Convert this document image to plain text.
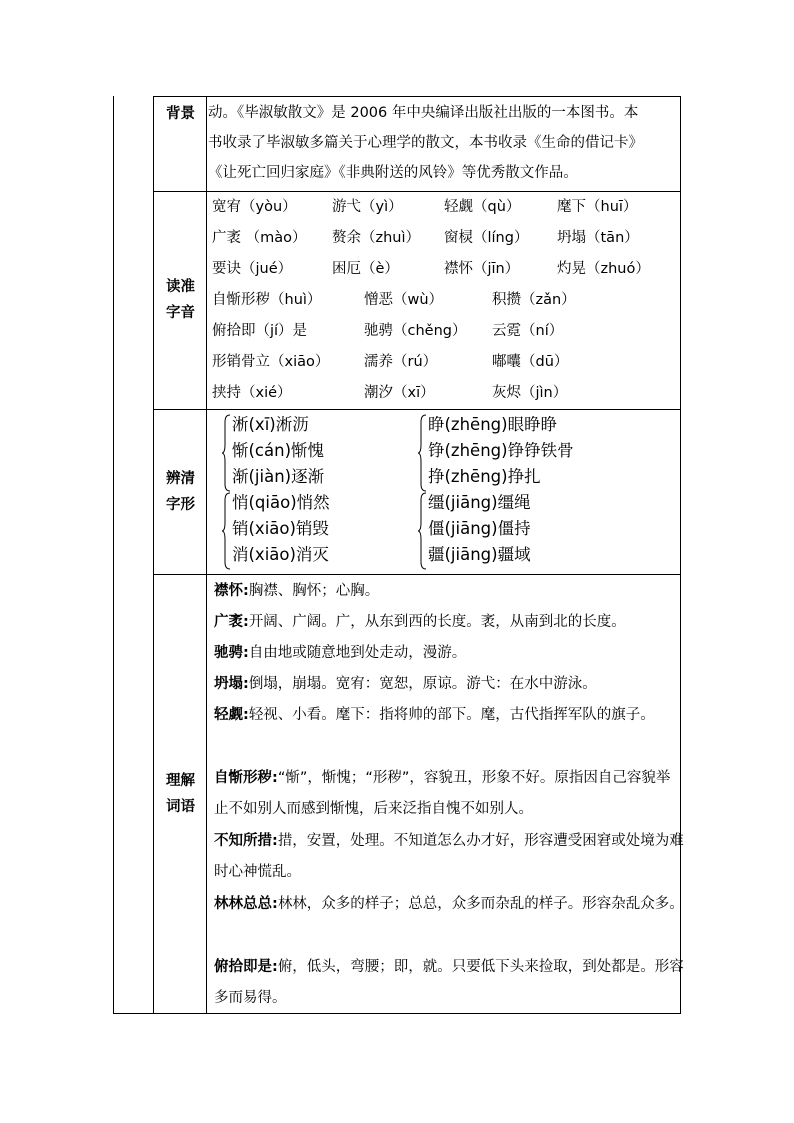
背景 动。《毕淑敏散文》是 2006 年中央编译出版社出版的一本图书。本
书收录了毕淑敏多篇关于心理学的散文，本书收录《生命的借记卡》
《让死亡回归家庭》《非典附送的风铃》等优秀散文作品。
读准
字音
宽宥（yòu） 游弋（yì）	轻觑（qù）	麾下（huī）
广袤 （mào） 赘余（zhuì） 窗棂（líng） 坍塌（tān）
要诀（jué）	困厄（è）	襟怀（jīn）	灼晃（zhuó）
自惭形秽（huì）	憎恶（wù）	积攒（zǎn）
俯拾即（jí）是	驰骋（chěng） 云霓（ní）
形销骨立（xiāo） 濡养（rú）	嘟囔（dū）
挟持（xié）	潮汐（xī）	灰烬（jìn）
辨清
字形
淅(xī)淅沥
惭(cán)惭愧
渐(jiàn)逐渐
睁(zhēng)眼睁睁
铮(zhēng)铮铮铁骨
挣(zhēng)挣扎
悄(qiāo)悄然
销(xiāo)销毁
消(xiāo)消灭
缰(jiāng)缰绳
僵(jiāng)僵持
疆(jiāng)疆域
理解
词语
襟怀:胸襟、胸怀；心胸。
广袤:开阔、广阔。广，从东到西的长度。袤，从南到北的长度。
驰骋:自由地或随意地到处走动，漫游。
坍塌:倒塌，崩塌。宽宥：宽恕，原谅。游弋：在水中游泳。
轻觑:轻视、小看。麾下：指将帅的部下。麾，古代指挥军队的旗子。
自惭形秽:“惭”，惭愧；“形秽”，容貌丑，形象不好。原指因自己容貌举止不如别人而感到惭愧，后来泛指自愧不如别人。
不知所措:措，安置，处理。不知道怎么办才好，形容遭受困窘或处境为难时心神慌乱。
林林总总:林林，众多的样子；总总，众多而杂乱的样子。形容杂乱众多。
俯拾即是:俯，低头，弯腰；即，就。只要低下头来捡取，到处都是。形容多而易得。
